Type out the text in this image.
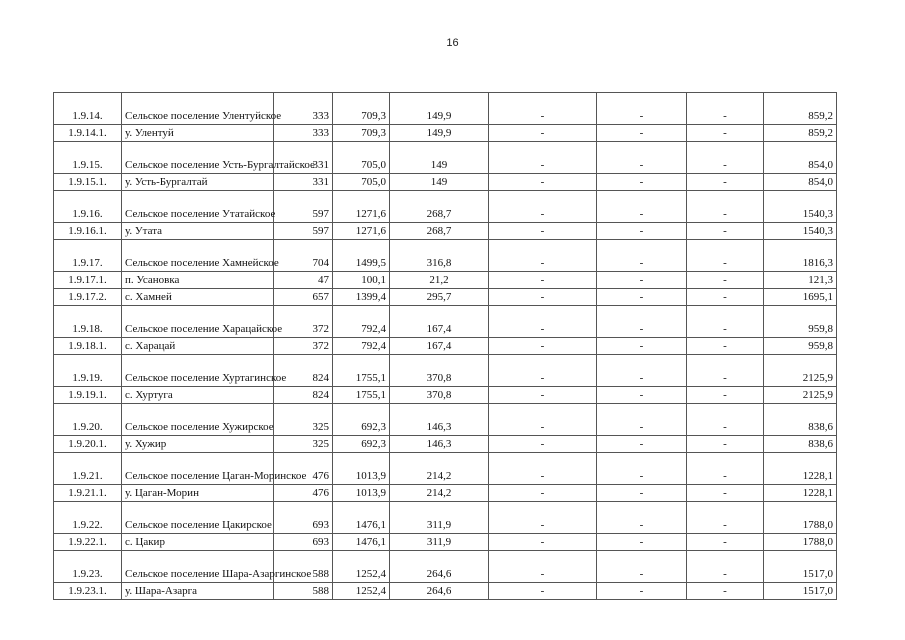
16
1.9.14.	Сельское поселение Улентуйское	333	709,3	149,9	-	-	-	859,2
1.9.14.1.	у. Улентуй	333	709,3	149,9	-	-	-	859,2
1.9.15.	Сельское поселение Усть-Бургалтайское	331	705,0	149	-	-	-	854,0
1.9.15.1.	у. Усть-Бургалтай	331	705,0	149	-	-	-	854,0
1.9.16.	Сельское поселение Утатайское	597	1271,6	268,7	-	-	-	1540,3
1.9.16.1.	у. Утата	597	1271,6	268,7	-	-	-	1540,3
1.9.17.	Сельское поселение Хамнейское	704	1499,5	316,8	-	-	-	1816,3
1.9.17.1.	п. Усановка	47	100,1	21,2	-	-	-	121,3
1.9.17.2.	с. Хамней	657	1399,4	295,7	-	-	-	1695,1
1.9.18.	Сельское поселение Харацайское	372	792,4	167,4	-	-	-	959,8
1.9.18.1.	с. Харацай	372	792,4	167,4	-	-	-	959,8
1.9.19.	Сельское поселение Хуртагинское	824	1755,1	370,8	-	-	-	2125,9
1.9.19.1.	с. Хуртуга	824	1755,1	370,8	-	-	-	2125,9
1.9.20.	Сельское поселение Хужирское	325	692,3	146,3	-	-	-	838,6
1.9.20.1.	у. Хужир	325	692,3	146,3	-	-	-	838,6
1.9.21.	Сельское поселение Цаган-Моринское	476	1013,9	214,2	-	-	-	1228,1
1.9.21.1.	у. Цаган-Морин	476	1013,9	214,2	-	-	-	1228,1
1.9.22.	Сельское поселение Цакирское	693	1476,1	311,9	-	-	-	1788,0
1.9.22.1.	с. Цакир	693	1476,1	311,9	-	-	-	1788,0
1.9.23.	Сельское поселение Шара-Азаргинское	588	1252,4	264,6	-	-	-	1517,0
1.9.23.1.	у. Шара-Азарга	588	1252,4	264,6	-	-	-	1517,0
